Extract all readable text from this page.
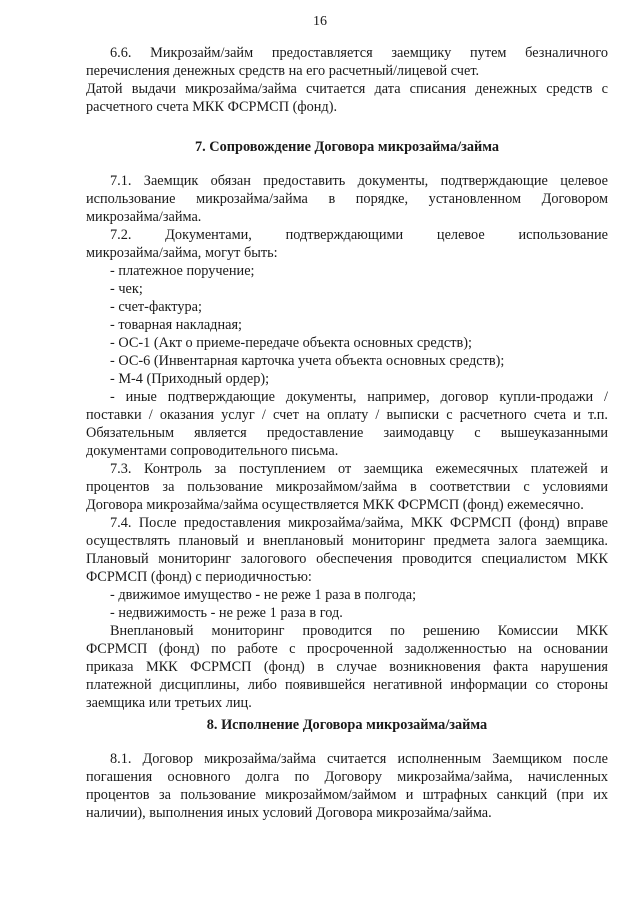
16
6.6. Микрозайм/займ предоставляется заемщику путем безналичного
перечисления денежных средств на его расчетный/лицевой счет.
Датой выдачи микрозайма/займа считается дата списания денежных средств с
расчетного счета МКК ФСРМСП (фонд).
7. Сопровождение Договора микрозайма/займа
7.1. Заемщик обязан предоставить документы, подтверждающие целевое
использование микрозайма/займа в порядке, установленном Договором
микрозайма/займа.
7.2. Документами, подтверждающими целевое использование
микрозайма/займа, могут быть:
- платежное поручение;
- чек;
- счет-фактура;
- товарная накладная;
- ОС-1 (Акт о приеме-передаче объекта основных средств);
- ОС-6 (Инвентарная карточка учета объекта основных средств);
- М-4 (Приходный ордер);
- иные подтверждающие документы, например, договор купли-продажи /
поставки / оказания услуг / счет на оплату / выписки с расчетного счета и т.п.
Обязательным является предоставление заимодавцу с вышеуказанными
документами сопроводительного письма.
7.3. Контроль за поступлением от заемщика ежемесячных платежей и
процентов за пользование микрозаймом/займа в соответствии с условиями
Договора микрозайма/займа осуществляется МКК ФСРМСП (фонд) ежемесячно.
7.4. После предоставления микрозайма/займа, МКК ФСРМСП (фонд) вправе
осуществлять плановый и внеплановый мониторинг предмета залога заемщика.
Плановый мониторинг залогового обеспечения проводится специалистом МКК
ФСРМСП (фонд) с периодичностью:
- движимое имущество - не реже 1 раза в полгода;
- недвижимость - не реже 1 раза в год.
Внеплановый мониторинг проводится по решению Комиссии МКК
ФСРМСП (фонд) по работе с просроченной задолженностью на основании
приказа МКК ФСРМСП (фонд) в случае возникновения факта нарушения
платежной дисциплины, либо появившейся негативной информации со стороны
заемщика или третьих лиц.
8. Исполнение Договора микрозайма/займа
8.1. Договор микрозайма/займа считается исполненным Заемщиком после
погашения основного долга по Договору микрозайма/займа, начисленных
процентов за пользование микрозаймом/займом и штрафных санкций (при их
наличии), выполнения иных условий Договора микрозайма/займа.
